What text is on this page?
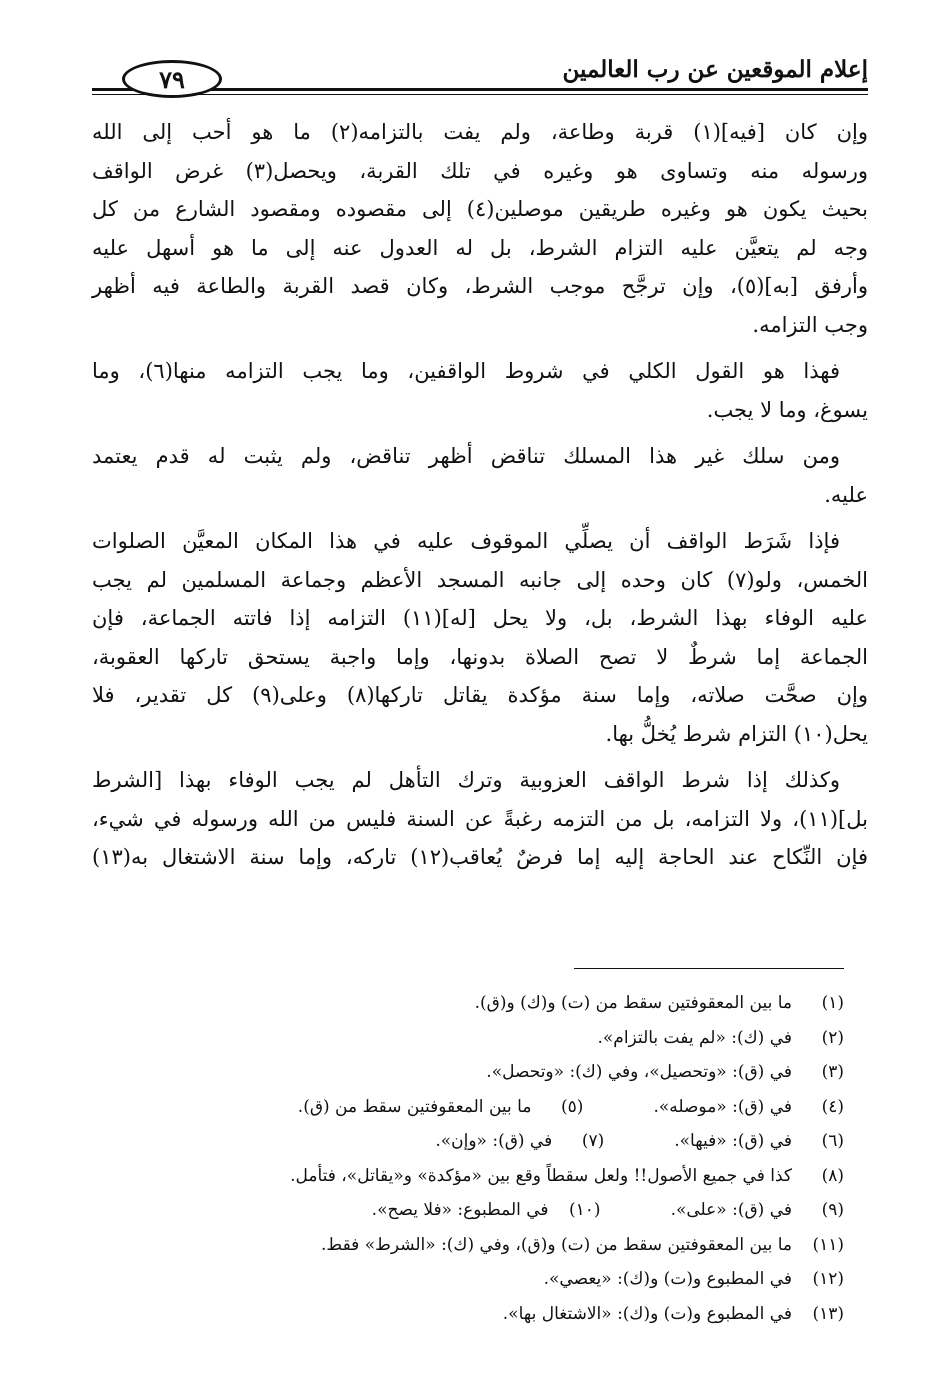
إعلام الموقعين عن رب العالمين
٧٩

وإن كان [فيه](١) قربة وطاعة، ولم يفت بالتزامه(٢) ما هو أحب إلى الله
ورسوله منه وتساوى هو وغيره في تلك القربة، ويحصل(٣) غرض الواقف
بحيث يكون هو وغيره طريقين موصلين(٤) إلى مقصوده ومقصود الشارع من كل
وجه لم يتعيَّن عليه التزام الشرط، بل له العدول عنه إلى ما هو أسهل عليه
وأرفق [به](٥)، وإن ترجَّح موجب الشرط، وكان قصد القربة والطاعة فيه أظهر
وجب التزامه.

فهذا هو القول الكلي في شروط الواقفين، وما يجب التزامه منها(٦)، وما
يسوغ، وما لا يجب.

ومن سلك غير هذا المسلك تناقض أظهر تناقض، ولم يثبت له قدم يعتمد
عليه.

فإذا شَرَط الواقف أن يصلِّي الموقوف عليه في هذا المكان المعيَّن الصلوات
الخمس، ولو(٧) كان وحده إلى جانبه المسجد الأعظم وجماعة المسلمين لم يجب
عليه الوفاء بهذا الشرط، بل، ولا يحل [له](١١) التزامه إذا فاتته الجماعة، فإن
الجماعة إما شرطٌ لا تصح الصلاة بدونها، وإما واجبة يستحق تاركها العقوبة،
وإن صحَّت صلاته، وإما سنة مؤكدة يقاتل تاركها(٨) وعلى(٩) كل تقدير، فلا
يحل(١٠) التزام شرط يُخلُّ بها.

وكذلك إذا شرط الواقف العزوبية وترك التأهل لم يجب الوفاء بهذا [الشرط
بل](١١)، ولا التزامه، بل من التزمه رغبةً عن السنة فليس من الله ورسوله في شيء،
فإن النِّكاح عند الحاجة إليه إما فرضٌ يُعاقب(١٢) تاركه، وإما سنة الاشتغال به(١٣)

(١)
ما بين المعقوفتين سقط من (ت) و(ك) و(ق).
(٢)
في (ك): «لم يفت بالتزام».
(٣)
في (ق): «وتحصيل»، وفي (ك): «وتحصل».
(٤)
في (ق): «موصله».
(٥)
ما بين المعقوفتين سقط من (ق).
(٦)
في (ق): «فيها».
(٧)
في (ق): «وإن».
(٨)
كذا في جميع الأصول!! ولعل سقطاً وقع بين «مؤكدة» و«يقاتل»، فتأمل.
(٩)
في (ق): «على».
(١٠)
في المطبوع: «فلا يصح».
(١١)
ما بين المعقوفتين سقط من (ت) و(ق)، وفي (ك): «الشرط» فقط.
(١٢)
في المطبوع و(ت) و(ك): «يعصي».
(١٣)
في المطبوع و(ت) و(ك): «الاشتغال بها».
